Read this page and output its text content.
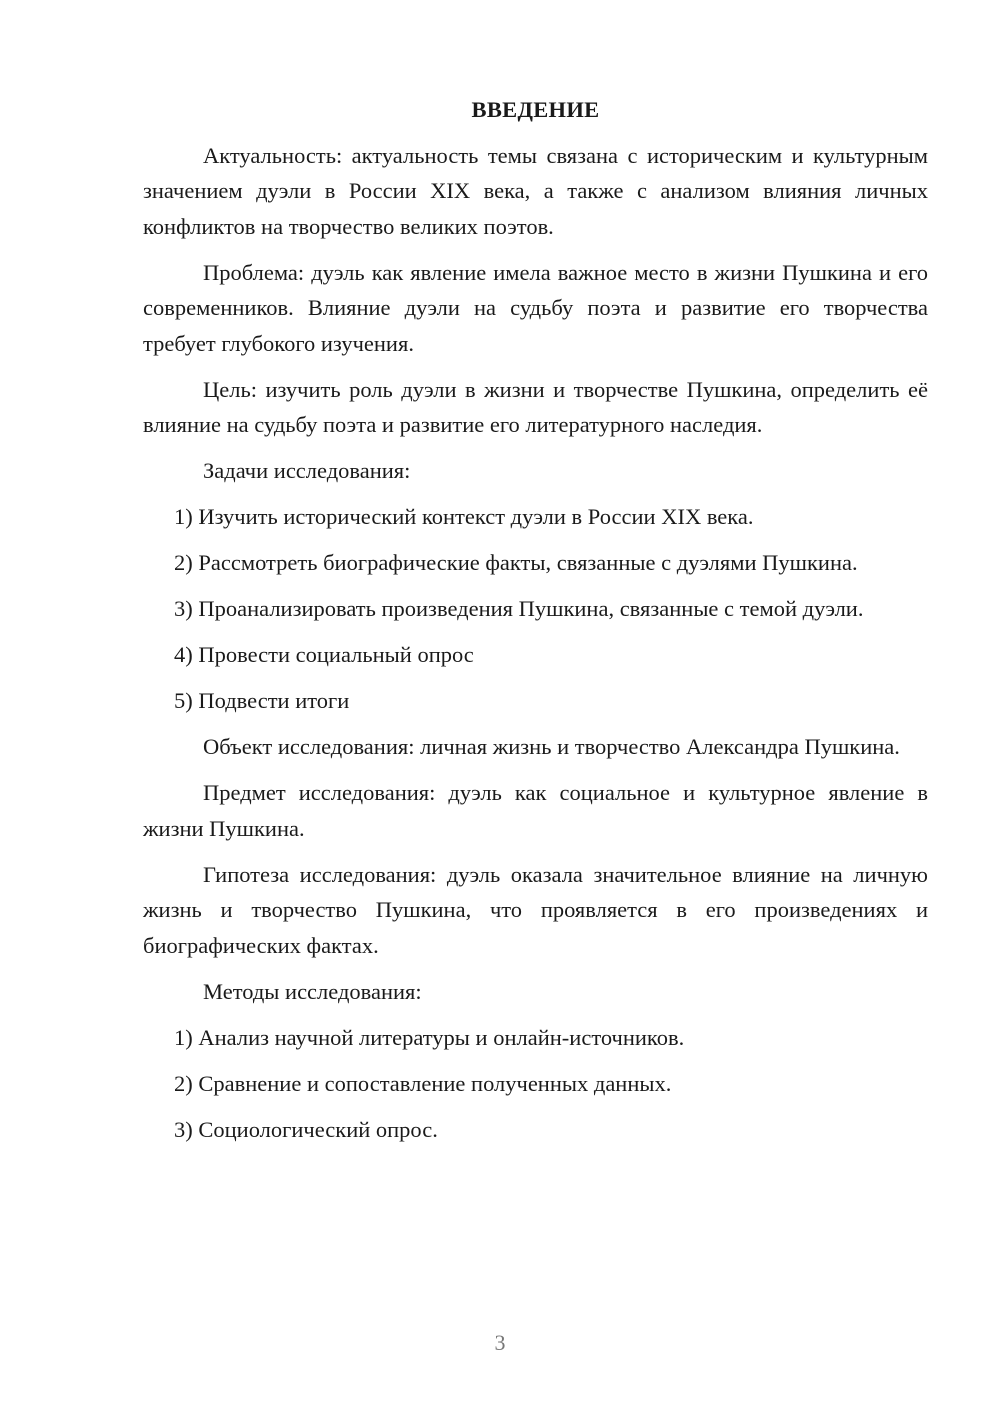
ВВЕДЕНИЕ

Актуальность: актуальность темы связана с историческим и культурным значением дуэли в России XIX века, а также с анализом влияния личных конфликтов на творчество великих поэтов.

Проблема: дуэль как явление имела важное место в жизни Пушкина и его современников. Влияние дуэли на судьбу поэта и развитие его творчества требует глубокого изучения.

Цель: изучить роль дуэли в жизни и творчестве Пушкина, определить её влияние на судьбу поэта и развитие его литературного наследия.

Задачи исследования:

1) Изучить исторический контекст дуэли в России XIX века.

2) Рассмотреть биографические факты, связанные с дуэлями Пушкина.

3) Проанализировать произведения Пушкина, связанные с темой дуэли.

4) Провести социальный опрос

5) Подвести итоги

Объект исследования: личная жизнь и творчество Александра Пушкина.

Предмет исследования: дуэль как социальное и культурное явление в жизни Пушкина.

Гипотеза исследования: дуэль оказала значительное влияние на личную жизнь и творчество Пушкина, что проявляется в его произведениях и биографических фактах.

Методы исследования:

1) Анализ научной литературы и онлайн-источников.

2) Сравнение и сопоставление полученных данных.

3) Социологический опрос.

3
